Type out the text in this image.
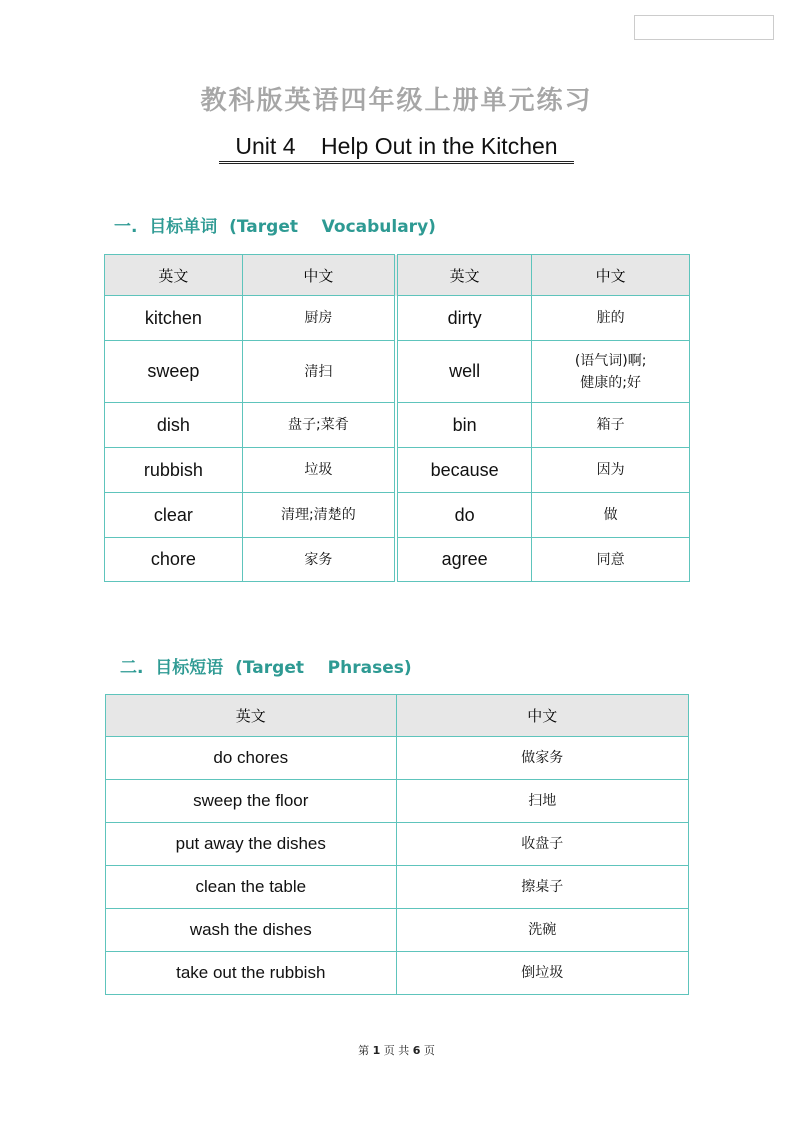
教科版英语四年级上册单元练习
Unit 4    Help Out in the Kitchen
一.  目标单词  (Target    Vocabulary)
英文	中文	英文	中文
kitchen	厨房	dirty	脏的
sweep	清扫	well	(语气词)啊;
健康的;好
dish	盘子;菜肴	bin	箱子
rubbish	垃圾	because	因为
clear	清理;清楚的	do	做
chore	家务	agree	同意
二.  目标短语  (Target    Phrases)
英文	中文
do chores	做家务
sweep the floor	扫地
put away the dishes	收盘子
clean the table	擦桌子
wash the dishes	洗碗
take out the rubbish	倒垃圾
第 1 页 共 6 页
